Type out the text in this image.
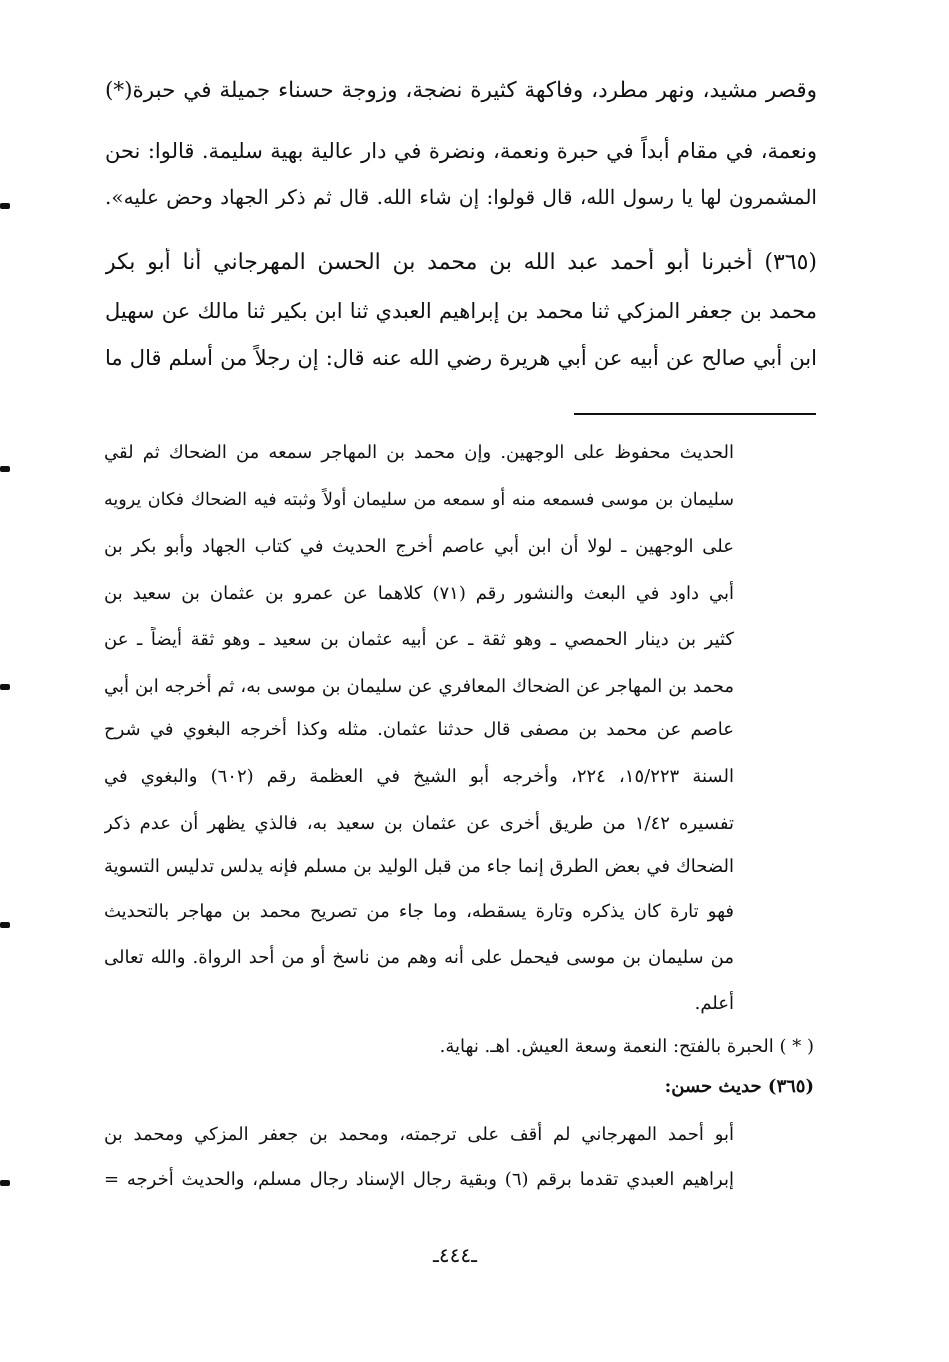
وقصر مشيد، ونهر مطرد، وفاكهة كثيرة نضجة، وزوجة حسناء جميلة في حبرة(*)
ونعمة، في مقام أبداً في حبرة ونعمة، ونضرة في دار عالية بهية سليمة. قالوا: نحن
المشمرون لها يا رسول الله، قال قولوا: إن شاء الله. قال ثم ذكر الجهاد وحض عليه».
(٣٦٥) أخبرنا أبو أحمد عبد الله بن محمد بن الحسن المهرجاني أنا أبو بكر
محمد بن جعفر المزكي ثنا محمد بن إبراهيم العبدي ثنا ابن بكير ثنا مالك عن سهيل
ابن أبي صالح عن أبيه عن أبي هريرة رضي الله عنه قال: إن رجلاً من أسلم قال ما
الحديث محفوظ على الوجهين. وإن محمد بن المهاجر سمعه من الضحاك ثم لقي
سليمان بن موسى فسمعه منه أو سمعه من سليمان أولاً وثبته فيه الضحاك فكان يرويه
على الوجهين ـ لولا أن ابن أبي عاصم أخرج الحديث في كتاب الجهاد وأبو بكر بن
أبي داود في البعث والنشور رقم (٧١) كلاهما عن عمرو بن عثمان بن سعيد بن
كثير بن دينار الحمصي ـ وهو ثقة ـ عن أبيه عثمان بن سعيد ـ وهو ثقة أيضاً ـ عن
محمد بن المهاجر عن الضحاك المعافري عن سليمان بن موسى به، ثم أخرجه ابن أبي
عاصم عن محمد بن مصفى قال حدثنا عثمان. مثله وكذا أخرجه البغوي في شرح
السنة ١٥/٢٢٣، ٢٢٤، وأخرجه أبو الشيخ في العظمة رقم (٦٠٢) والبغوي في
تفسيره ١/٤٢ من طريق أخرى عن عثمان بن سعيد به، فالذي يظهر أن عدم ذكر
الضحاك في بعض الطرق إنما جاء من قبل الوليد بن مسلم فإنه يدلس تدليس التسوية
فهو تارة كان يذكره وتارة يسقطه، وما جاء من تصريح محمد بن مهاجر بالتحديث
من سليمان بن موسى فيحمل على أنه وهم من ناسخ أو من أحد الرواة. والله تعالى
أعلم.
( * ) الحبرة بالفتح: النعمة وسعة العيش. اهـ. نهاية.
(٣٦٥) حديث حسن:
أبو أحمد المهرجاني لم أقف على ترجمته، ومحمد بن جعفر المزكي ومحمد بن
إبراهيم العبدي تقدما برقم (٦) وبقية رجال الإسناد رجال مسلم، والحديث أخرجه =
ـ٤٤٤ـ
